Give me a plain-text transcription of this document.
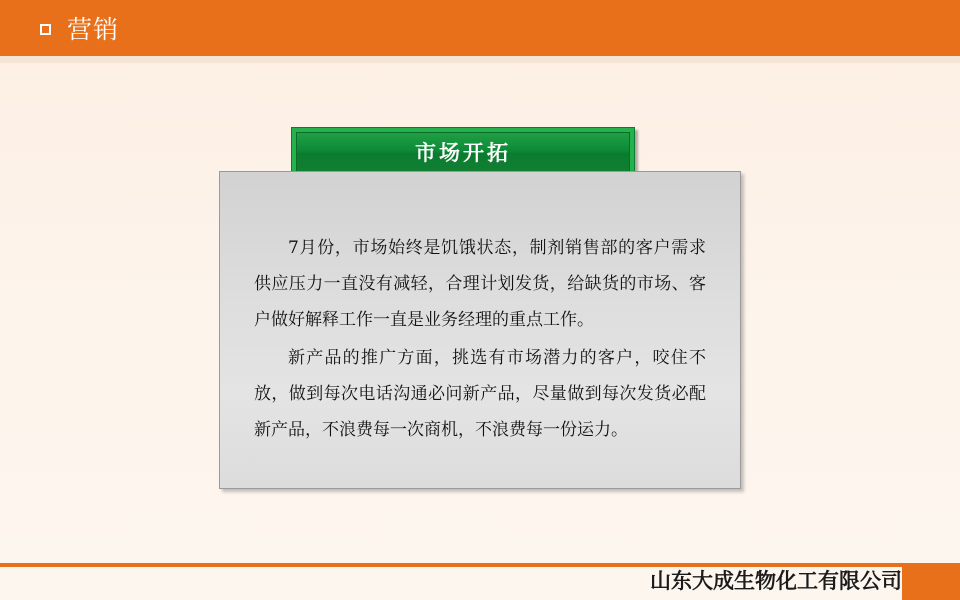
营销
市场开拓

7月份，市场始终是饥饿状态，制剂销售部的客户需求供应压力一直没有减轻，合理计划发货，给缺货的市场、客户做好解释工作一直是业务经理的重点工作。

新产品的推广方面，挑选有市场潜力的客户，咬住不放，做到每次电话沟通必问新产品，尽量做到每次发货必配新产品，不浪费每一次商机，不浪费每一份运力。

山东大成生物化工有限公司
